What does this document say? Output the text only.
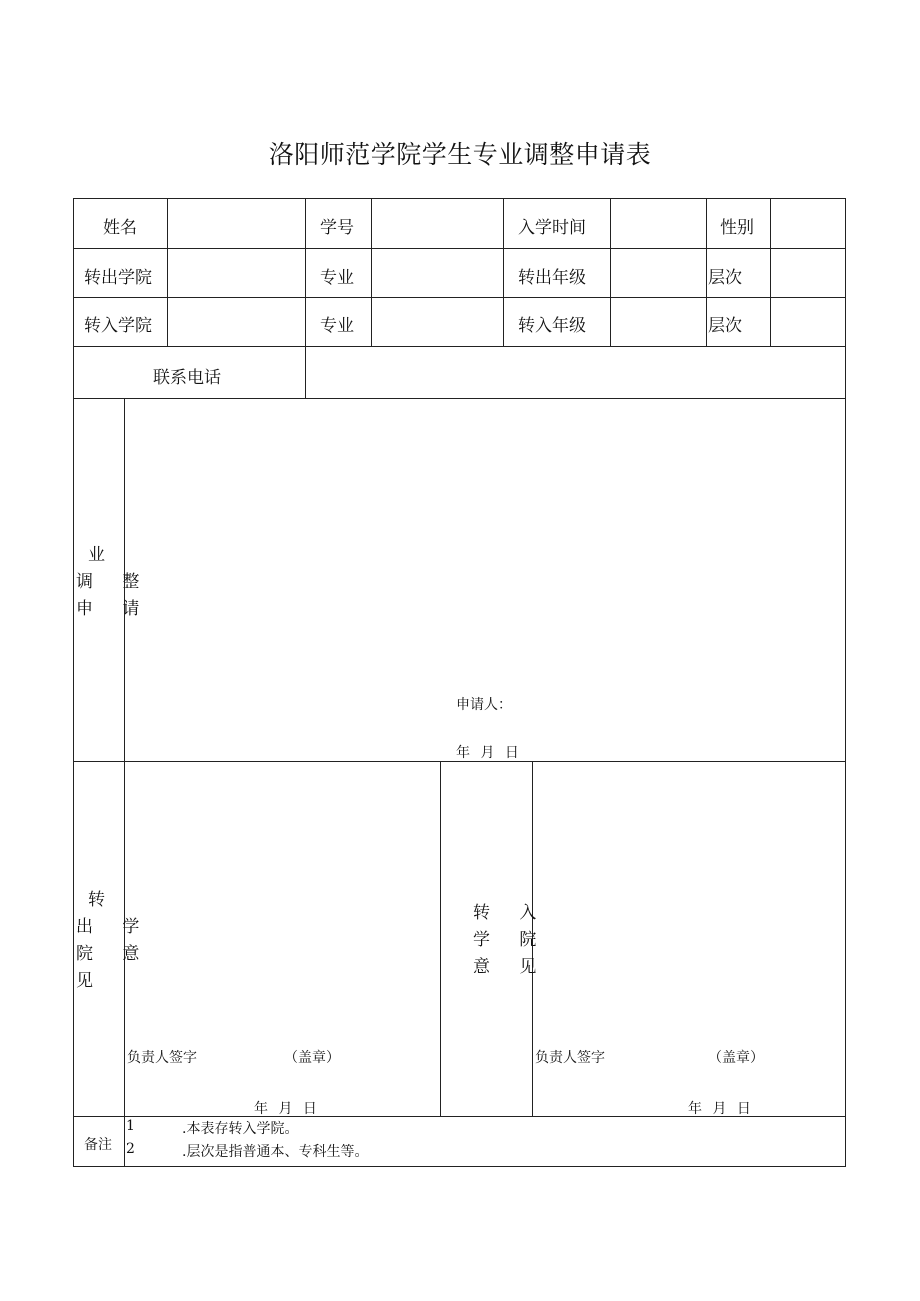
洛阳师范学院学生专业调整申请表
姓名	学号	入学时间	性别
转出学院	专业	转出年级	层次
转入学院	专业	转入年级	层次
联系电话
业
调 整
申 请
申请人：
年 月 日
转
出 学
院 意
见
负责人签字	（盖章）
年 月 日
转 入
学 院
意 见
负责人签字	（盖章）
年 月 日
备注
1	.本表存转入学院。
2	.层次是指普通本、专科生等。
